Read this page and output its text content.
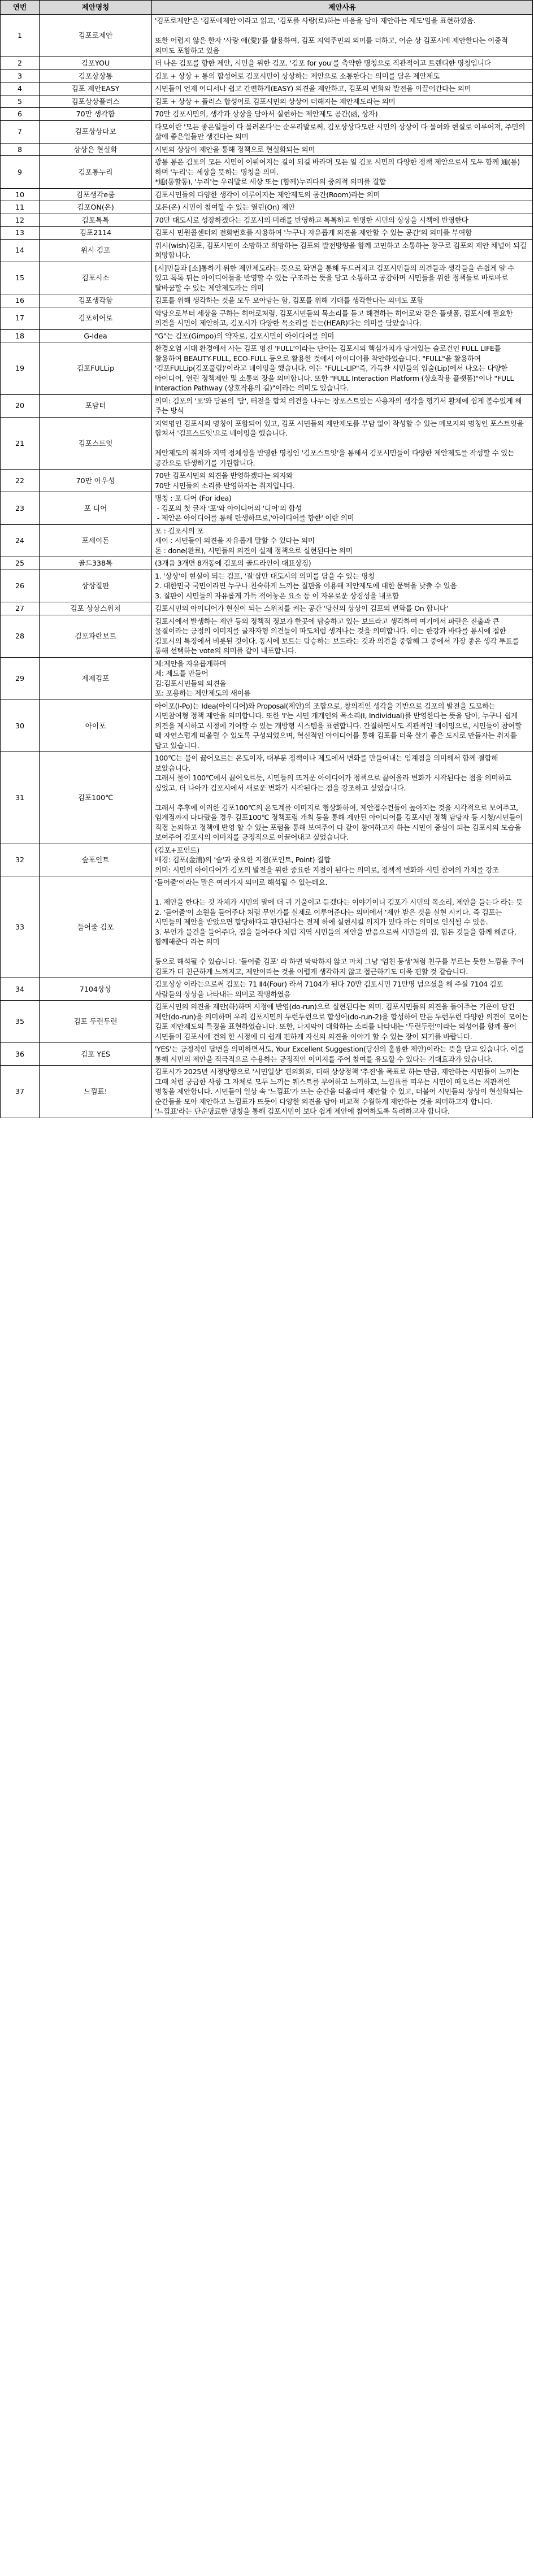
연번	제안명칭	제안사유
1	김포로제안	'김포로제안'은 '김포에제안'이라고 읽고, '김포를 사랑(로)하는 마음을 담아 제안하는 제도'임을 표현하였음.

또한 어렵지 않은 한자 '사랑 애(愛)'를 활용하여, 김포 지역주민의 의미를 더하고, 어순 상 김포시에 제안한다는 이중적 의미도 포함하고 있음

2	김포YOU	더 나은 김포를 향한 제안, 시민을 위한 김포. '김포 for you'를 축약한 명칭으로 직관적이고 트렌디한 명칭임니다

3	김포상상통	김포 + 상상 + 통의 합성어로 김포시민이 상상하는 제안으로 소통한다는 의미를 담은 제안제도

4	김포 제안EASY	시민들이 언제 어디서나 쉽고 간편하게(EASY) 의견을 제안하고, 김포의 변화와 발전을 이끌어간다는 의미

5	김포상상플러스	김포 + 상상 + 플러스 합성어로 김포시민의 상상이 더해지는 제안제도라는 의미

6	70만 생각함	70만 김포시민의, 생각과 상상을 담아서 실현하는 제안제도 공간(函, 상자)

7	김포상상다모	다모이란 '모든 좋은일들이 다 몰려온다'는 순우리말로써, 김포상상다모란 시민의 상상이 다 몰여와 현실로 이루어져, 주민의 삶에 좋은일들만 생긴다는 의미

8	상상은 현실화	시민의 상상이 제안을 통해 정책으로 현실화되는 의미

9	김포통누리	광통 통은 김포의 모든 시민이 이뤄어지는 길이 되길 바라며 모든 일 김포 시민의 다양한 정책 제안으로서 모두 함께 通(통)하며 '누리'는 세상을 뜻하는 명칭을 의미.
*通(통할통), '누리'는 우리말로 세상 또는 (함께)누리다의 중의적 의미를 결합

10	김포생각e룸	김포시민들의 다양한 생각이 이루어지는 제안제도의 공간(Room)라는 의미

11	김포ON(온)	모든(온) 시민이 참여할 수 있는 열린(On) 제안

12	김포톡톡	70만 대도시로 성장하겠다는 김포시의 미래를 반영하고 톡톡하고 현명한 시민의 상상을 시책에 반영한다

13	김포2114	김포시 민원콜센터의 전화번호를 사용하여 '누구나 자유롭게 의견을 제안할 수 있는 공간'의 의미를 부여함

14	위시 김포	위시(wish)김포, 김포시민이 소망하고 희망하는 김포의 발전방향을 함께 고민하고 소통하는 창구로 김포의 제안 채널이 되길 희망합니다.

15	김포시소	[시]민들과 [소]통하기 위한 제안제도라는 뜻으로 화면을 통해 두드러지고 김포시민들의 의견들과 생각들을 손쉽게 알 수 있고 톡톡 튀는 아이디어들을 반영할 수 있는 구조라는 뜻을 담고 소통하고 공감하며 시민들을 위한 정책들로 바로바로 탈바꿈할 수 있는 제안제도라는 의미

16	김포생각함	김포를 위해 생각하는 것을 모두 모아담는 함, 김포를 위해 기대를 생각한다는 의미도 포함

17	김포히어로	악당으로부터 세상을 구하는 히어로처럼, 김포시민들의 목소리를 듣고 해결하는 히어로와 같은 플랫폼, 김포시에 필요한 의견을 시민이 제안하고, 김포시가 다양한 목소리를 듣는(HEAR)다는 의미를 담았습니다.

18	G-Idea	"G"는 김포(Gimpo)의 약자로, 김포시민이 아이디어를 의미

19	김포FULLip	환경오염 시대 환경에서 사는 김포 명진 'FULL'이라는 단어는 김포시의 핵심가치가 담겨있는 슬로건인 FULL LIFE를 활용하여 BEAUTY-FULL, ECO-FULL 등으로 활용한 것에서 아이디어를 착안하였습니다. "FULL"을 활용하여 '김포FULLip(김포풀립)'이라고 네이밍을 했습니다. 이는 "FULL-LIP"즉, 가득찬 시민들의 입술(Lip)에서 나오는 다양한 아이디어, 열린 정책제안 및 소통의 장을 의미합니다. 또한 "FULL Interaction Platform (상호작용 플랫폼)"이나 "FULL Interaction Pathway (상호작용의 길)"이라는 의미도 있습니다.

20	포담터	의미: 김포의 '포'와 담론의 '담', 터전을 합쳐 의견을 나누는 장포스트있는 사용자의 생각을 형기서 활체에 쉽게 볼수있게 해 주는 방식

21	김포스트잇	지역명인 김포시의 명칭이 포함되어 있고, 김포 시민들의 제안제도를 부담 없이 작성할 수 있는 메모지의 명칭인 포스트잇을 합쳐서 '김포스트잇'으로 네이밍을 했습니다.

제안제도의 취지와 지역 정체성을 반영한 명칭인 '김포스트잇'을 통해서 김포시민들이 다양한 제안제도를 작성할 수 있는 공간으로 탄생하기를 기원합니다.

22	70만 아우성	70만 김포시민의 의견을 반영하겠다는 의지와
70만 시민들의 소리를 반영하자는 취지입니다.

23	포 디어	명칭 : 포 디어 (For idea)
- 김포의 첫 글자 '포'와 아이디어의 '디어'의 합성
- 제안은 아이디어를 통해 탄생하므로,'아이디어를 향한' 이란 의미

24	포세이돈	포 : 김포시의 포
세이 : 시민들이 의견을 자유롭게 말할 수 있다는 의미
돈 : done(완료), 시민들의 의견이 실제 정책으로 실현된다는 의미

25	골드338톡	(3개읍 3개면 8개동에 김포의 골드라인이 대표상징)

26	상상질판	1. '상상'이 현실이 되는 김포, '질'삽만 대도시의 의미를 담을 수 있는 명칭
2. 대한민국 국민이라면 누구나 친숙하게 느끼는 질판을 이용해 제안제도에 대한 문턱을 낮출 수 있음
3. 질판이 시민들의 자유롭게 가득 적어놓은 요소 등 이 자유로운 상징성을 내포함

27	김포 상상스위치	김포시민의 아이디어가 현실이 되는 스위치를 켜는 공간 '당신의 상상이 김포의 변화를 On 합니다'

28	김포파란보트	김포시에서 발생하는 제안 등의 정책적 정보가 한곳에 탑승하고 있는 보트라고 생각하여 여기에서 파란은 진출과 큰 물결이라는 긍정의 이미지를 글자자형 의견들이 파도처럼 생겨나는 것을 의미합니다. 이는 한강과 바다를 통시에 접한 김포시의 특징에서 비롯된 것이다. 동시에 보트는 탑승하는 보트라는 것과 의견을 중합해 그 중에서 가장 좋은 생각 투표를 통해 선택하는 vote의 의미를 같이 내포합니다.

29	제제김포	제:제안을 자유롭게하며
제: 제도를 만들어
김:김포시민들의 의견을
포: 포용하는 제안제도의 새이름

30	아이포	아이포(I-Po)는 Idea(아이디어)와 Proposal(제안)의 조합으로, 창의적인 생각을 기반으로 김포의 발전을 도모하는 시민참여형 정책 제안을 의미합니다. 또한 'I'는 시민 개개인의 목소리(I, Individual)를 반영한다는 뜻을 담아, 누구나 쉽게 의견을 제시하고 시정에 기여할 수 있는 개방형 시스템을 표현합니다. 간결하면서도 직관적인 네이밍으로, 시민들이 참여할 때 자연스럽게 떠올릴 수 있도록 구성되었으며, 혁신적인 아이디어를 통해 김포를 더욱 살기 좋은 도시로 만들자는 취지를 담고 있습니다.

31	김포100℃	100℃는 물이 끓어오르는 온도이자, 대부분 정책이나 제도에서 변화를 만들어내는 임계점을 의미해서 함께 결합해 보았습니다.
그래서 물이 100℃에서 끓어오르듯, 시민들의 뜨거운 아이디어가 정책으로 끓어올라 변화가 시작된다는 점을 의미하고 싶었고, 더 나아가 김포시에서 새로운 변화가 시작된다는 점을 강조하고 싶었습니다.

그래서 추후에 이러한 김포100℃의 온도계를 이미지로 형상화하여, 제안접수건들이 높아지는 것을 시각적으로 보여주고, 임계점까지 다다랐을 경우 김포100℃ 정책포럼 개최 등을 통해 제안된 아이디어를 김포시민 정책 담당자 등 시청/시민들이 직접 논의하고 정책에 반영 할 수 있는 포럼을 통해 보여주어 다 같이 참여하고자 하는 시민이 중심이 되는 김포시의 모습을 보여주어 김포시의 이미지를 긍정적으로 이끌어내고 싶었습니다.

32	숲포인트	(김포+포인트)
배경: 김포(金浦)의 '숲'과 중요한 지점(포인트, Point) 결합
의미: 시민의 아이디어가 김포의 발전을 위한 중요한 지점이 된다는 의미로, 정책적 변화와 시민 참여의 가치를 강조

33	들어줄 김포	'들어줄'이라는 말은 여러가지 의미로 해석될 수 있는데요.

1. 제안을 한다는 것 자체가 시민의 말에 더 귀 기울이고 듣겠다는 이야기이니 김포가 시민의 목소리, 제안을 들는다 라는 뜻
2. '들어줄'이 소원을 들어주다 처럼 무언가를 실제로 이루어준다는 의미에서 '제안 받은 것을 실현 시키다. 즉 김포는 시민들의 제안을 받았으면 합당하다고 판단된다는 전제 하에 실현시킬 의지가 있다 라는 의미로 인식될 수 있음.
3. 무언가 물건을 들어주다, 짐을 들어주다 처럼 지역 시민들의 제안을 받음으로써 시민들의 짐, 힘든 것들을 함께 해준다, 함께해준다 라는 의미

등으로 해석될 수 있습니다. '들어줄 김포' 라 하면 막막하지 않고 마치 그냥 '엄친 동생'처럼 친구를 부르는 듯한 느낌을 주어 김포가 더 친근하게 느껴지고, 제안이라는 것을 어렵게 생각하지 않고 접근하기도 더욱 편할 것 같습니다.

34	7104상상	김포상상 이라는으로써 김포는 71 Ⅱ4(Four) 라서 7104가 된다 70만 김포시민 71만명 넘으셨을 해 주실 7104 김포 사람들의 상상을 나타내는 의미로 작명하였음

35	김포 두런두런	김포시민의 의견을 제안(하)하며 시정에 반영(do-run)으로 실현된다는 의미. 김포시민들의 의견을 들어주는 기운이 담긴 제안(do-run)을 의미하며 우리 김포시민의 두런두런으로 합성어(do-run-2)을 합성하여 만든 두런두런 다양한 의견이 모이는 김포 제안제도의 특징을 표현하였습니다. 또한, 나지막이 대화하는 소리를 나타내는 '두런두런'이라는 의성어를 함께 품어 시민들이 김포시에 건의 한 시정에 더 쉽게 편하게 자신의 의견을 이야기 할 수 있는 장이 되기를 바랍니다.

36	김포 YES	'YES'는 긍정적인 답변을 의미하면서도, Your Excellent Suggestion(당신의 훌륭한 제안)이라는 뜻을 담고 있습니다. 이를 통해 시민의 제안을 적극적으로 수용하는 긍정적인 이미지를 주어 참여를 유도할 수 있다는 기대효과가 있습니다.

37	느낌표!	김포시가 2025년 시정방향으로 '시민일상' 편의화와, 더해 상상정책 '추진'을 목표로 하는 만큼, 제안하는 시민들이 느끼는 그때 처럼 궁금한 사항 그 자체로 모두 느끼는 퀘스트를 부여하고 느끼하고, 느낌표를 띠우는 시민이 떠오르는 직관적인 명칭을 제안합니다. 시민들이 일상 속 '느낌표'가 뜨는 순간을 떠올리며 제안할 수 있고, 더불어 시민들의 상상이 현실화되는 순간들을 모아 제안하고 느낌표가 뜨듯이 다양한 의견을 담아 비교적 수월하게 제안하는 것을 의미하고자 합니다. '느낌표'라는 단순명료한 명칭을 통해 김포시민이 보다 쉽게 제안에 참여하도록 독려하고자 합니다.
